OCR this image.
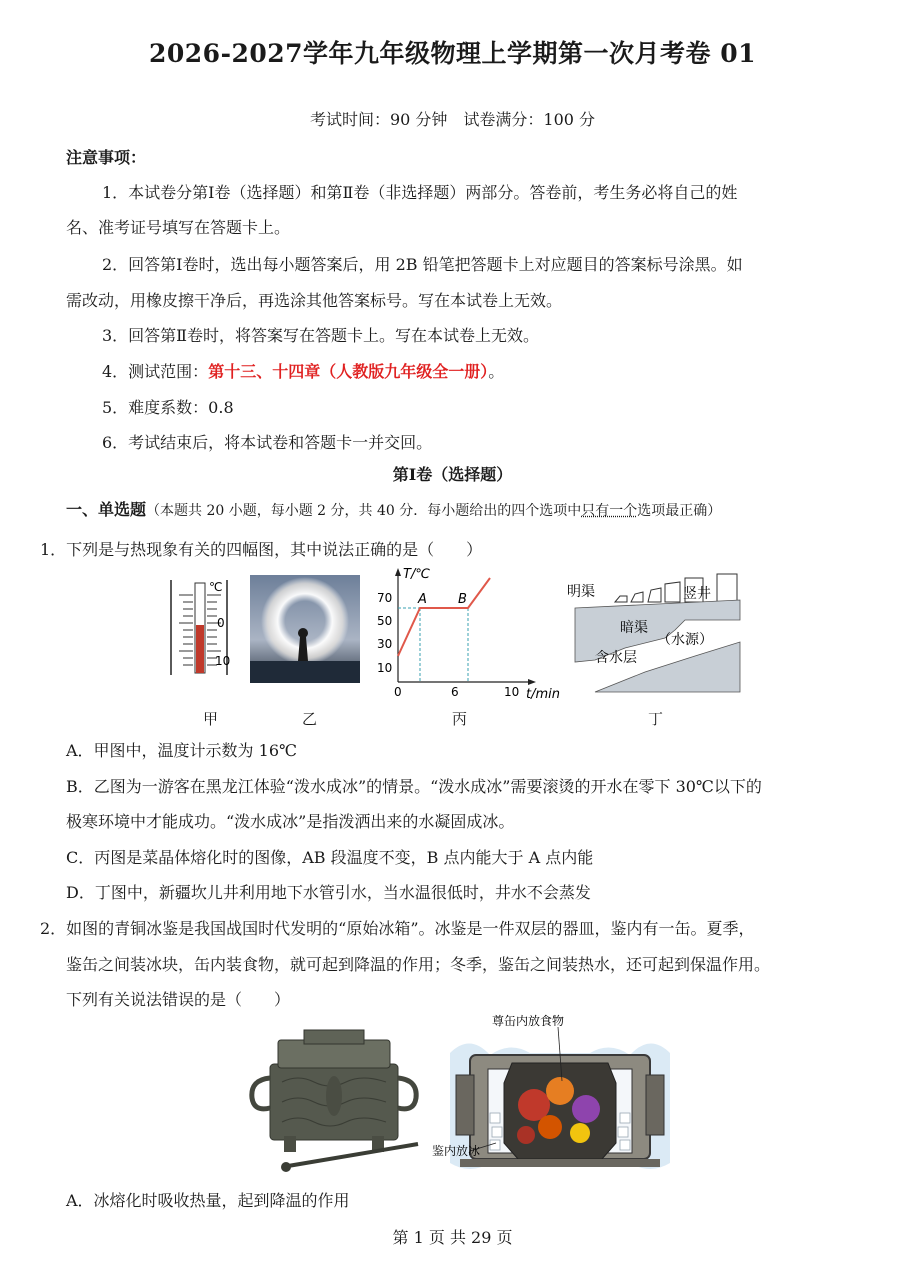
2026-2027学年九年级物理上学期第一次月考卷 01
考试时间：90 分钟　试卷满分：100 分
注意事项：
1．本试卷分第Ⅰ卷（选择题）和第Ⅱ卷（非选择题）两部分。答卷前，考生务必将自己的姓
名、准考证号填写在答题卡上。
2．回答第Ⅰ卷时，选出每小题答案后，用 2B 铅笔把答题卡上对应题目的答案标号涂黑。如
需改动，用橡皮擦干净后，再选涂其他答案标号。写在本试卷上无效。
3．回答第Ⅱ卷时，将答案写在答题卡上。写在本试卷上无效。
4．测试范围：第十三、十四章（人教版九年级全一册）。
5．难度系数：0.8
6．考试结束后，将本试卷和答题卡一并交回。
第Ⅰ卷（选择题）
一、单选题（本题共 20 小题，每小题 2 分，共 40 分．每小题给出的四个选项中只有一个选项最正确）
1．下列是与热现象有关的四幅图，其中说法正确的是（　　）
℃
0
10
T/℃
t/min
70
50
30
10
0	6	10
A B	明渠	竖井
暗渠
（水源）
含水层
甲	乙	丙	丁
A．甲图中，温度计示数为 16℃
B．乙图为一游客在黑龙江体验“泼水成冰”的情景。“泼水成冰”需要滚烫的开水在零下 30℃以下的
极寒环境中才能成功。“泼水成冰”是指泼洒出来的水凝固成冰。
C．丙图是菜晶体熔化时的图像，AB 段温度不变，B 点内能大于 A 点内能
D．丁图中，新疆坎儿井利用地下水管引水，当水温很低时，井水不会蒸发
2．如图的青铜冰鉴是我国战国时代发明的“原始冰箱”。冰鉴是一件双层的器皿，鉴内有一缶。夏季，
鉴缶之间装冰块，缶内装食物，就可起到降温的作用；冬季，鉴缶之间装热水，还可起到保温作用。
下列有关说法错误的是（　　）
尊缶内放食物
鉴内放冰
A．冰熔化时吸收热量，起到降温的作用
第 1 页 共 29 页
